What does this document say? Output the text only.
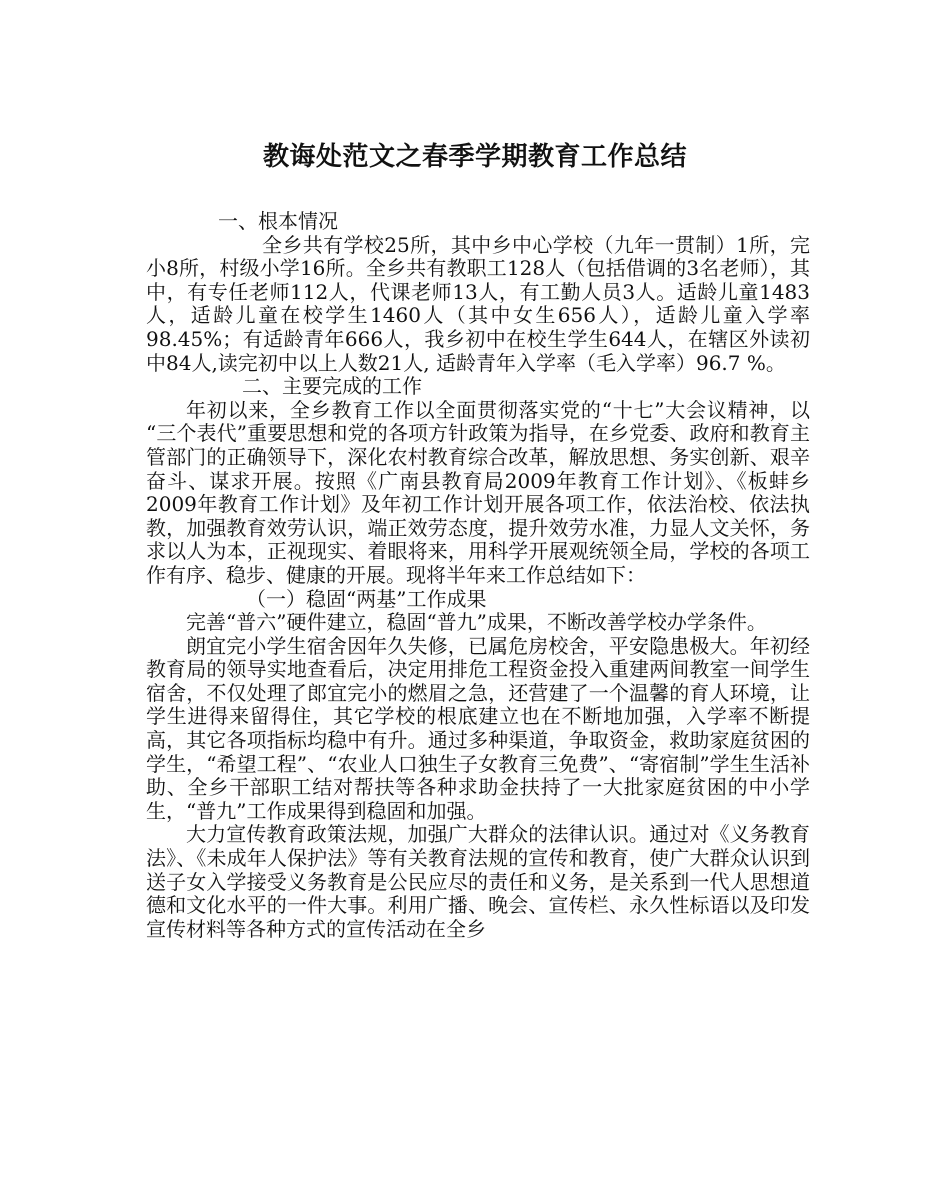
教诲处范文之春季学期教育工作总结

一、根本情况

全乡共有学校25所，其中乡中心学校（九年一贯制）1所，完小8所，村级小学16所。全乡共有教职工128人（包括借调的3名老师），其中，有专任老师112人，代课老师13人，有工勤人员3人。适龄儿童1483人，适龄儿童在校学生1460人（其中女生656人），适龄儿童入学率98.45%；有适龄青年666人，我乡初中在校生学生644人，在辖区外读初中84人,读完初中以上人数21人, 适龄青年入学率（毛入学率）96.7 %。

二、主要完成的工作

年初以来，全乡教育工作以全面贯彻落实党的“十七”大会议精神，以 “三个表代”重要思想和党的各项方针政策为指导，在乡党委、政府和教育主管部门的正确领导下，深化农村教育综合改革，解放思想、务实创新、艰辛奋斗、谋求开展。按照《广南县教育局2009年教育工作计划》、《板蚌乡2009年教育工作计划》及年初工作计划开展各项工作，依法治校、依法执教，加强教育效劳认识，端正效劳态度，提升效劳水准，力显人文关怀，务求以人为本，正视现实、着眼将来，用科学开展观统领全局，学校的各项工作有序、稳步、健康的开展。现将半年来工作总结如下：

（一）稳固“两基”工作成果

完善“普六”硬件建立，稳固“普九”成果，不断改善学校办学条件。

朗宜完小学生宿舍因年久失修，已属危房校舍，平安隐患极大。年初经教育局的领导实地查看后，决定用排危工程资金投入重建两间教室一间学生宿舍，不仅处理了郎宜完小的燃眉之急，还营建了一个温馨的育人环境，让学生进得来留得住，其它学校的根底建立也在不断地加强，入学率不断提高，其它各项指标均稳中有升。通过多种渠道，争取资金，救助家庭贫困的学生，“希望工程”、“农业人口独生子女教育三免费”、“寄宿制”学生生活补助、全乡干部职工结对帮扶等各种求助金扶持了一大批家庭贫困的中小学生，“普九”工作成果得到稳固和加强。

大力宣传教育政策法规，加强广大群众的法律认识。通过对《义务教育法》、《未成年人保护法》等有关教育法规的宣传和教育，使广大群众认识到送子女入学接受义务教育是公民应尽的责任和义务，是关系到一代人思想道德和文化水平的一件大事。利用广播、晚会、宣传栏、永久性标语以及印发宣传材料等各种方式的宣传活动在全乡
